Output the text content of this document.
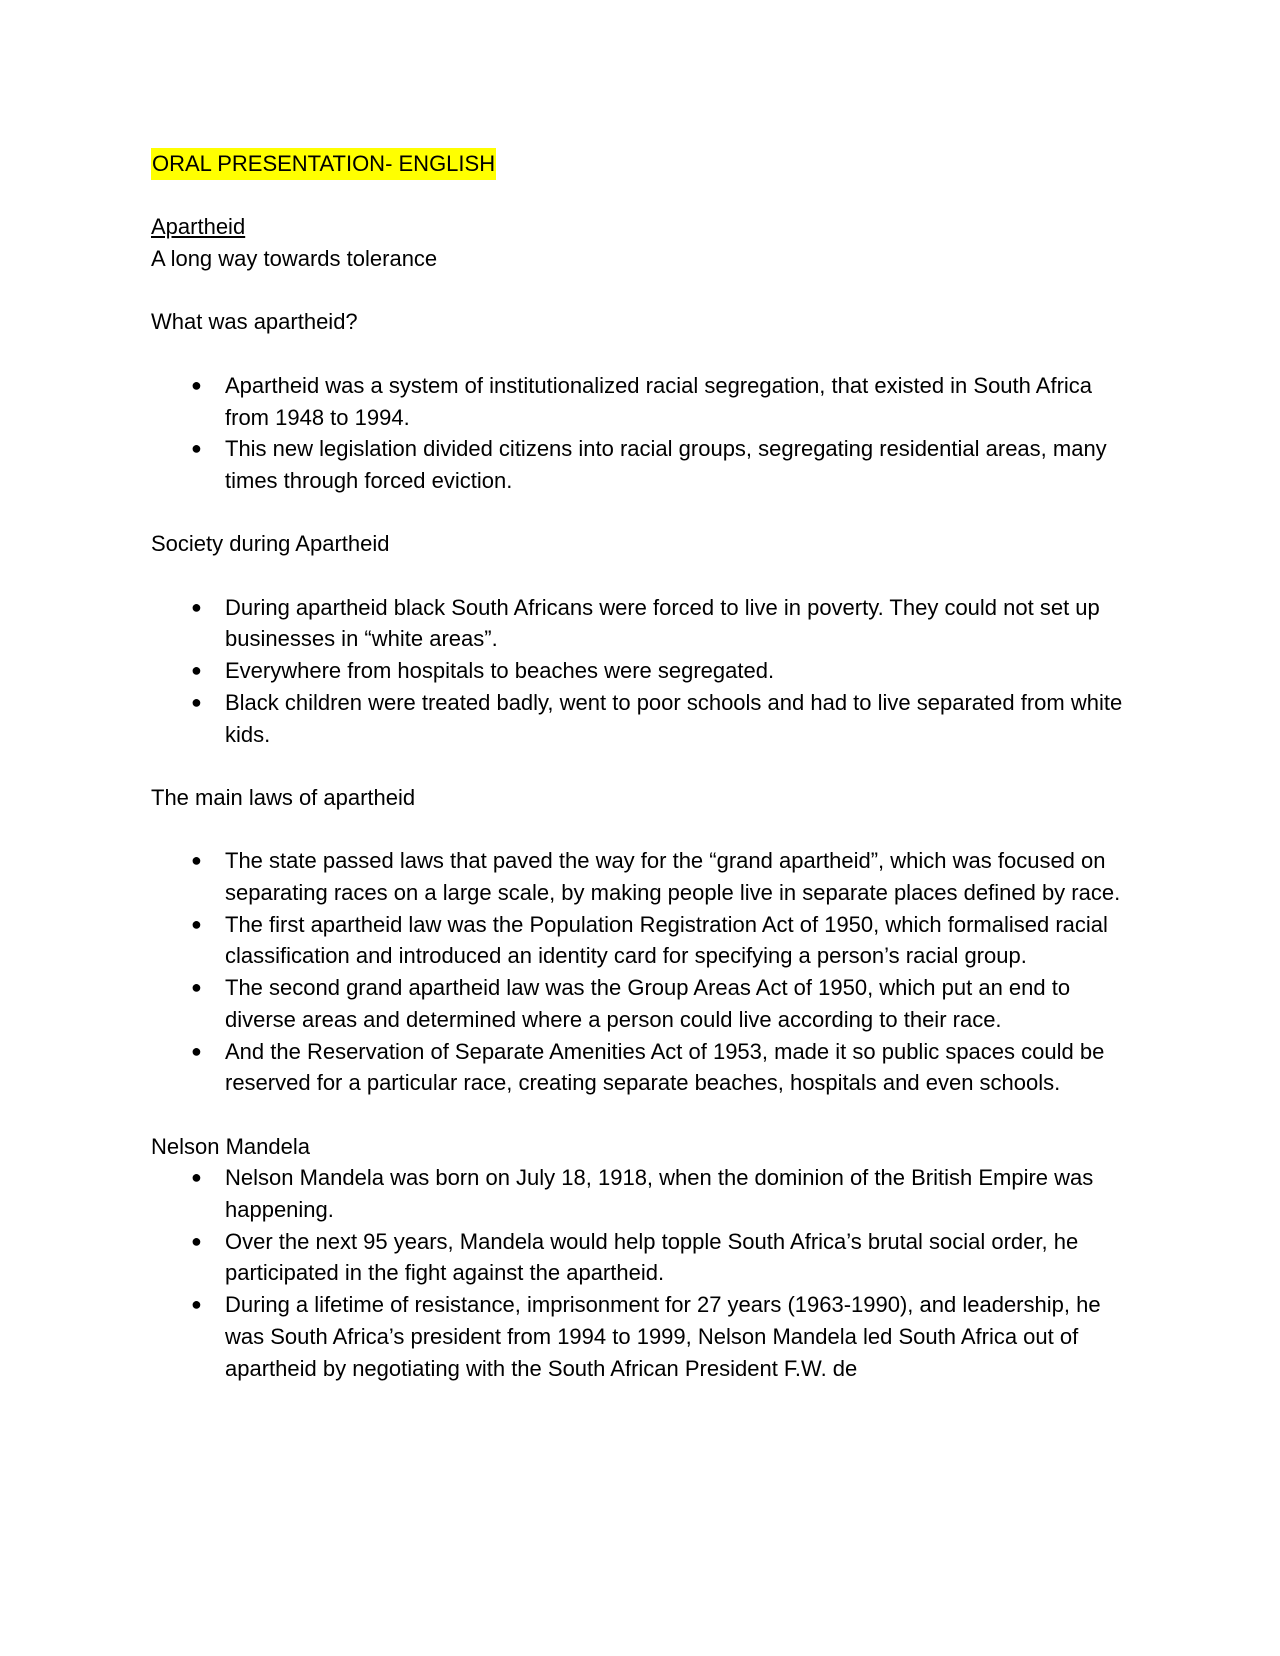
ORAL PRESENTATION- ENGLISH

Apartheid

A long way towards tolerance

What was apartheid?

● Apartheid was a system of institutionalized racial segregation, that existed in South Africa from 1948 to 1994.
● This new legislation divided citizens into racial groups, segregating residential areas, many times through forced eviction.

Society during Apartheid

● During apartheid black South Africans were forced to live in poverty. They could not set up businesses in “white areas”.
● Everywhere from hospitals to beaches were segregated.
● Black children were treated badly, went to poor schools and had to live separated from white kids.

The main laws of apartheid

● The state passed laws that paved the way for the “grand apartheid”, which was focused on separating races on a large scale, by making people live in separate places defined by race.
● The first apartheid law was the Population Registration Act of 1950, which formalised racial classification and introduced an identity card for specifying a person’s racial group.
● The second grand apartheid law was the Group Areas Act of 1950, which put an end to diverse areas and determined where a person could live according to their race.
● And the Reservation of Separate Amenities Act of 1953, made it so public spaces could be reserved for a particular race, creating separate beaches, hospitals and even schools.

Nelson Mandela

● Nelson Mandela was born on July 18, 1918, when the dominion of the British Empire was happening.
● Over the next 95 years, Mandela would help topple South Africa’s brutal social order, he participated in the fight against the apartheid.
● During a lifetime of resistance, imprisonment for 27 years (1963-1990), and leadership, he was South Africa’s president from 1994 to 1999, Nelson Mandela led South Africa out of apartheid by negotiating with the South African President F.W. de
